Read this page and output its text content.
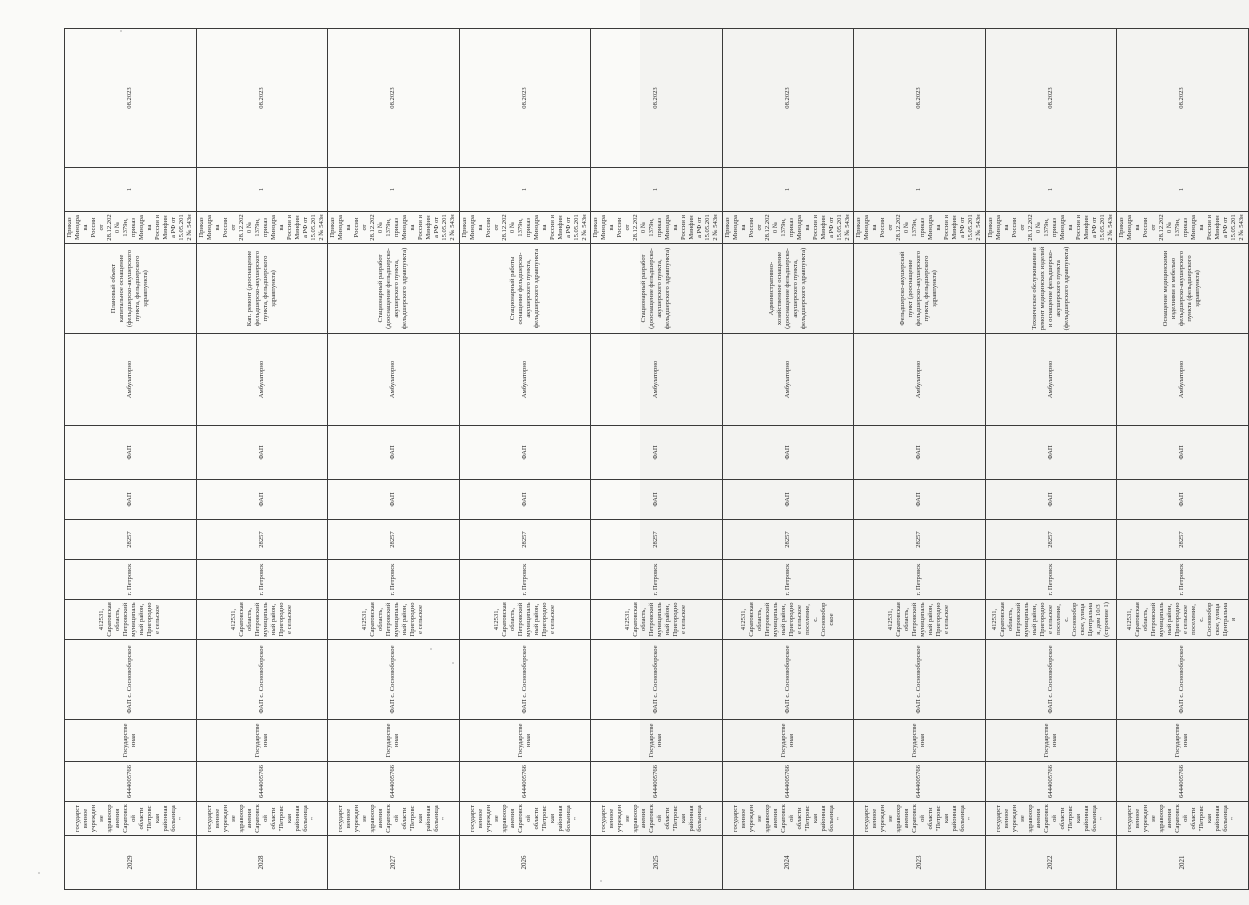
2029	государственное учреждение здравоохранения Саратовской области "Петровская районная больница"	6444005766	Государственная	ФАП с. Сосновоборское	412531, Саратовская область, Петровский муниципальный район, Пригородное сельское	г. Петровск	28257	ФАП	ФАП	Амбулаторно	Плановый объект капитальное оснащение (фельдшерско-акушерского пункта, фельдшерского здравпункта)	Приказ Минздрава России от 28.12.2020 № 1379н, приказ Минздрава России и Минфина РФ от 15.05.2012 № 543н	1	08.2023
2028	государственное учреждение здравоохранения Саратовской области "Петровская районная больница"	6444005766	Государственная	ФАП с. Сосновоборское	412531, Саратовская область, Петровский муниципальный район, Пригородное сельское	г. Петровск	28257	ФАП	ФАП	Амбулаторно	Кап. ремонт (дооснащение фельдшерско-акушерского пункта, фельдшерского здравпункта)	Приказ Минздрава России от 28.12.2020 № 1379н, приказ Минздрава России и Минфина РФ от 15.05.2012 № 543н	1	08.2023
2027	государственное учреждение здравоохранения Саратовской области "Петровская районная больница"	6444005766	Государственная	ФАП с. Сосновоборское	412531, Саратовская область, Петровский муниципальный район, Пригородное сельское	г. Петровск	28257	ФАП	ФАП	Амбулаторно	Стационарный разработ (дооснащение фельдшерско-акушерского пункта, фельдшерского здравпункта)	Приказ Минздрава России от 28.12.2020 № 1379н, приказ Минздрава России и Минфина РФ от 15.05.2012 № 543н	1	08.2023
2026	государственное учреждение здравоохранения Саратовской области "Петровская районная больница"	6444005766	Государственная	ФАП с. Сосновоборское	412531, Саратовская область, Петровский муниципальный район, Пригородное сельское	г. Петровск	28257	ФАП	ФАП	Амбулаторно	Стационарный работы оснащение фельдшерско-акушерского пункта, фельдшерского здравпункта	Приказ Минздрава России от 28.12.2020 № 1379н, приказ Минздрава России и Минфина РФ от 15.05.2012 № 543н	1	08.2023
2025	государственное учреждение здравоохранения Саратовской области "Петровская районная больница"	6444005766	Государственная	ФАП с. Сосновоборское	412531, Саратовская область, Петровский муниципальный район, Пригородное сельское	г. Петровск	28257	ФАП	ФАП	Амбулаторно	Стационарный разработ (дооснащение фельдшерско-акушерского пункта, фельдшерского здравпункта)	Приказ Минздрава России от 28.12.2020 № 1379н, приказ Минздрава России и Минфина РФ от 15.05.2012 № 543н	1	08.2023
2024	государственное учреждение здравоохранения Саратовской области "Петровская районная больница"	6444005766	Государственная	ФАП с. Сосновоборское	412531, Саратовская область, Петровский муниципальный район, Пригородное сельское поселение, с. Сосновоборское	г. Петровск	28257	ФАП	ФАП	Амбулаторно	Административно-хозяйственное оснащение (дооснащение фельдшерско-акушерского пункта, фельдшерского здравпункта)	Приказ Минздрава России от 28.12.2020 № 1379н, приказ Минздрава России и Минфина РФ от 15.05.2012 № 543н	1	08.2023
2023	государственное учреждение здравоохранения Саратовской области "Петровская районная больница"	6444005766	Государственная	ФАП с. Сосновоборское	412531, Саратовская область, Петровский муниципальный район, Пригородное сельское	г. Петровск	28257	ФАП	ФАП	Амбулаторно	Фельдшерско-акушерский пункт (дооснащение фельдшерско-акушерского пункта, фельдшерского здравпункта)	Приказ Минздрава России от 28.12.2020 № 1379н, приказ Минздрава России и Минфина РФ от 15.05.2012 № 543н	1	08.2023
2022	государственное учреждение здравоохранения Саратовской области "Петровская районная больница"	6444005766	Государственная	ФАП с. Сосновоборское	412531, Саратовская область, Петровский муниципальный район, Пригородное сельское поселение, с. Сосновоборское, улица Центральная, дом 10/3 (строение 1)	г. Петровск	28257	ФАП	ФАП	Амбулаторно	Техническое обслуживание и ремонт медицинских изделий и оснащение фельдшерско-акушерского пункта (фельдшерского здравпункта)	Приказ Минздрава России от 28.12.2020 № 1379н, приказ Минздрава России и Минфина РФ от 15.05.2012 № 543н	1	08.2023
2021	государственное учреждение здравоохранения Саратовской области "Петровская районная больница"	6444005766	Государственная	ФАП с. Сосновоборское	412531, Саратовская область, Петровский муниципальный район, Пригородное сельское поселение, с. Сосновоборское, улица Центральная	г. Петровск	28257	ФАП	ФАП	Амбулаторно	Оснащение медицинскими изделиями и мебелью фельдшерско-акушерского пункта (фельдшерского здравпункта)	Приказ Минздрава России от 28.12.2020 № 1379н, приказ Минздрава России и Минфина РФ от 15.05.2012 № 543н	1	08.2023
